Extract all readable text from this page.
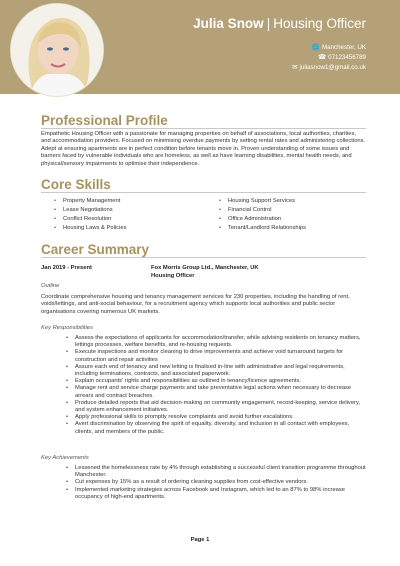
Julia Snow | Housing Officer
🌐 Manchester, UK
☎ 07123456789
✉ juliasnow1@gmail.co.uk
Professional Profile
Empathetic Housing Officer with a passionate for managing properties on behalf of associations, local authorities, charities, and accommodation providers. Focused on minimising overdue payments by setting rental rates and administering collections. Adept at ensuring apartments are in perfect condition before tenants move in. Proven understanding of some issues and barriers faced by vulnerable individuals who are homeless, as well as have learning disabilities, mental health needs, and physical/sensory impairments to optimise their independence.
Core Skills
• Property Management
• Lease Negotiations
• Conflict Resolution
• Housing Laws & Policies
• Housing Support Services
• Financial Control
• Office Administration
• Tenant/Landlord Relationships
Career Summary
Jan 2019 - Present	Fox Morris Group Ltd., Manchester, UK
Housing Officer
Outline
Coordinate comprehensive housing and tenancy management services for 230 properties, including the handling of rent, voids/lettings, and anti-social behaviour, for a recruitment agency which supports local authorities and public sector organisations covering numerous UK markets.
Key Responsibilities
• Assess the expectations of applicants for accommodation/transfer, while advising residents on tenancy matters, lettings processes, welfare benefits, and re-housing requests.
• Execute inspections and monitor cleaning to drive improvements and achieve void turnaround targets for construction and repair activities
• Assure each end of tenancy and new letting is finalised in-line with administrative and legal requirements, including terminations, contracts, and associated paperwork.
• Explain occupants' rights and responsibilities as outlined in tenancy/licence agreements.
• Manage rent and service charge payments and take preventative legal actions when necessary to decrease arrears and contract breaches.
• Produce detailed reports that aid decision-making on community engagement, record-keeping, service delivery, and system enhancement initiatives.
• Apply professional skills to promptly resolve complaints and avoid further escalations.
• Avert discrimination by observing the spirit of equality, diversity, and inclusion in all contact with employees, clients, and members of the public.
Key Achievements
• Lessened the homelessness rate by 4% through establishing a successful client transition programme throughout Manchester.
• Cut expenses by 15% as a result of ordering cleaning supplies from cost-effective vendors.
• Implemented marketing strategies across Facebook and Instagram, which led to an 87% to 98% increase occupancy of high-end apartments.
Page 1
